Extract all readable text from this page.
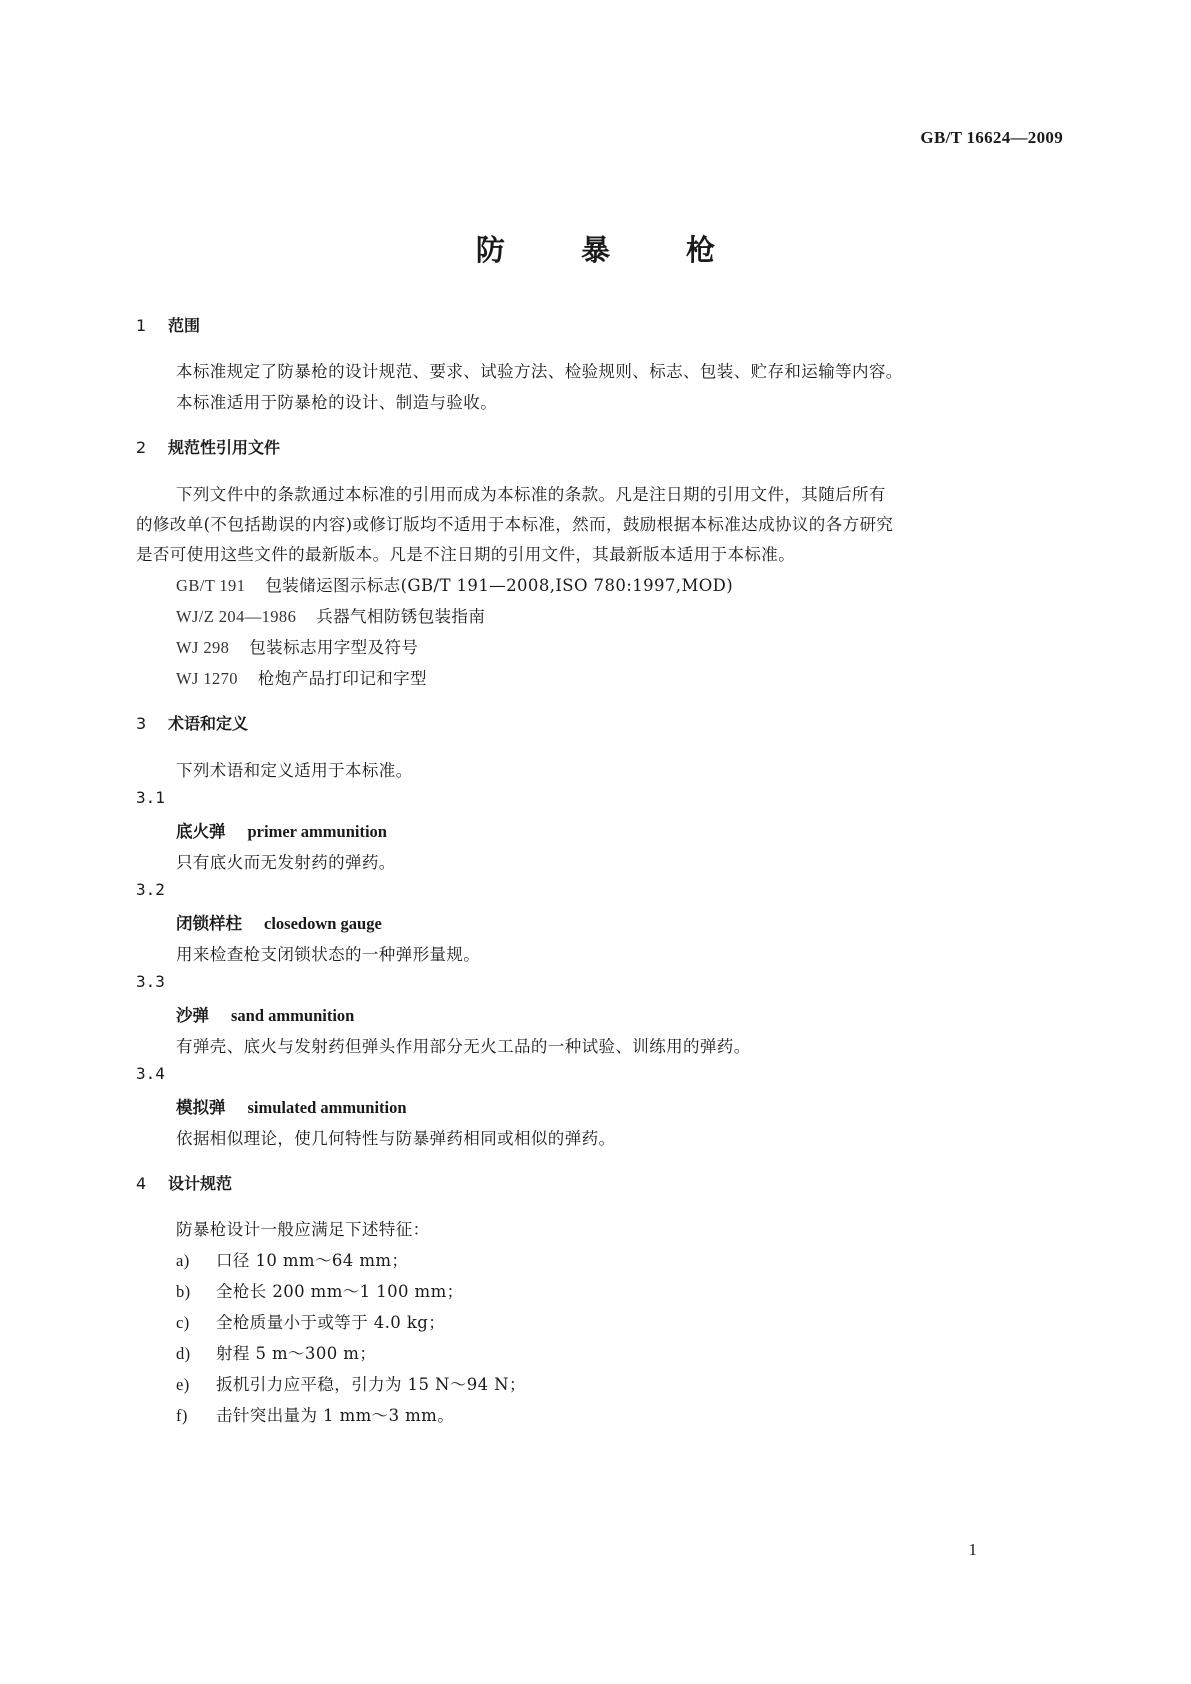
GB/T 16624—2009
防	暴	枪
1 范围
本标准规定了防暴枪的设计规范、要求、试验方法、检验规则、标志、包装、贮存和运输等内容。
本标准适用于防暴枪的设计、制造与验收。
2 规范性引用文件
下列文件中的条款通过本标准的引用而成为本标准的条款。凡是注日期的引用文件，其随后所有
的修改单(不包括勘误的内容)或修订版均不适用于本标准，然而，鼓励根据本标准达成协议的各方研究
是否可使用这些文件的最新版本。凡是不注日期的引用文件，其最新版本适用于本标准。
GB/T 191 包装储运图示标志(GB/T 191—2008,ISO 780:1997,MOD)
WJ/Z 204—1986 兵器气相防锈包装指南
WJ 298 包装标志用字型及符号
WJ 1270 枪炮产品打印记和字型
3 术语和定义
下列术语和定义适用于本标准。
3.1
底火弹 primer ammunition
只有底火而无发射药的弹药。
3.2
闭锁样柱 closedown gauge
用来检查枪支闭锁状态的一种弹形量规。
3.3
沙弹 sand ammunition
有弹壳、底火与发射药但弹头作用部分无火工品的一种试验、训练用的弹药。
3.4
模拟弹 simulated ammunition
依据相似理论，使几何特性与防暴弹药相同或相似的弹药。
4 设计规范
防暴枪设计一般应满足下述特征：
a) 口径 10 mm～64 mm；
b) 全枪长 200 mm～1 100 mm；
c) 全枪质量小于或等于 4.0 kg；
d) 射程 5 m～300 m；
e) 扳机引力应平稳，引力为 15 N～94 N；
f) 击针突出量为 1 mm～3 mm。
1
